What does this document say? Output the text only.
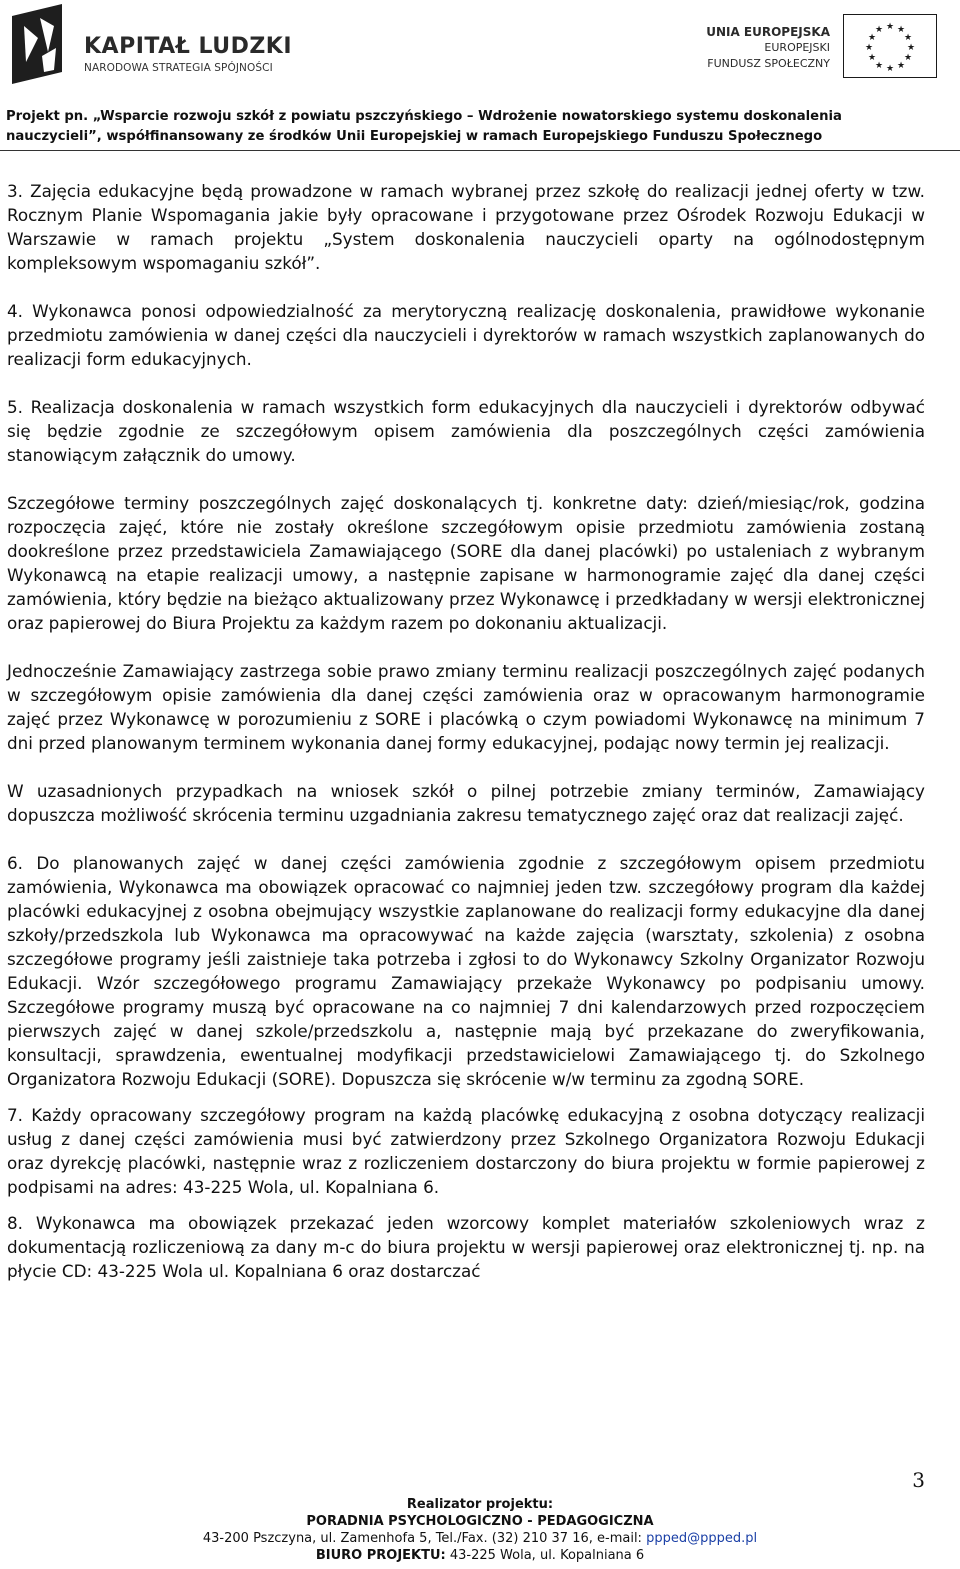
KAPITAŁ LUDZKI
NARODOWA STRATEGIA SPÓJNOŚCI
UNIA EUROPEJSKA
EUROPEJSKI
FUNDUSZ SPOŁECZNY
★ ★
★
★
★
★
★
★
★
★
★
★

Projekt pn. „Wsparcie rozwoju szkół z powiatu pszczyńskiego – Wdrożenie nowatorskiego systemu doskonalenia

nauczycieli”, współfinansowany ze środków Unii Europejskiej w ramach Europejskiego Funduszu Społecznego

3. Zajęcia edukacyjne będą prowadzone w ramach wybranej przez szkołę do realizacji jednej oferty w tzw. Rocznym Planie Wspomagania jakie były opracowane i przygotowane przez Ośrodek Rozwoju Edukacji w Warszawie w ramach projektu „System doskonalenia nauczycieli oparty na ogólnodostępnym kompleksowym wspomaganiu szkół”.

4. Wykonawca ponosi odpowiedzialność za merytoryczną realizację doskonalenia, prawidłowe wykonanie przedmiotu zamówienia w danej części dla nauczycieli i dyrektorów w ramach wszystkich zaplanowanych do realizacji form edukacyjnych.

5. Realizacja doskonalenia w ramach wszystkich form edukacyjnych dla nauczycieli i dyrektorów odbywać się będzie zgodnie ze szczegółowym opisem zamówienia dla poszczególnych części zamówienia stanowiącym załącznik do umowy.

Szczegółowe terminy poszczególnych zajęć doskonalących tj. konkretne daty: dzień/miesiąc/rok, godzina rozpoczęcia zajęć, które nie zostały określone szczegółowym opisie przedmiotu zamówienia zostaną dookreślone przez przedstawiciela Zamawiającego (SORE dla danej placówki) po ustaleniach z wybranym Wykonawcą na etapie realizacji umowy, a następnie zapisane w harmonogramie zajęć dla danej części zamówienia, który będzie na bieżąco aktualizowany przez Wykonawcę i przedkładany w wersji elektronicznej oraz papierowej do Biura Projektu za każdym razem po dokonaniu aktualizacji.

Jednocześnie Zamawiający zastrzega sobie prawo zmiany terminu realizacji poszczególnych zajęć podanych w szczegółowym opisie zamówienia dla danej części zamówienia oraz w opracowanym harmonogramie zajęć przez Wykonawcę w porozumieniu z SORE i placówką o czym powiadomi Wykonawcę na minimum 7 dni przed planowanym terminem wykonania danej formy edukacyjnej, podając nowy termin jej realizacji.

W uzasadnionych przypadkach na wniosek szkół o pilnej potrzebie zmiany terminów, Zamawiający dopuszcza możliwość skrócenia terminu uzgadniania zakresu tematycznego zajęć oraz dat realizacji zajęć.

6. Do planowanych zajęć w danej części zamówienia zgodnie z szczegółowym opisem przedmiotu zamówienia, Wykonawca ma obowiązek opracować co najmniej jeden tzw. szczegółowy program dla każdej placówki edukacyjnej z osobna obejmujący wszystkie zaplanowane do realizacji formy edukacyjne dla danej szkoły/przedszkola lub Wykonawca ma opracowywać na każde zajęcia (warsztaty, szkolenia) z osobna szczegółowe programy jeśli zaistnieje taka potrzeba i zgłosi to do Wykonawcy Szkolny Organizator Rozwoju Edukacji. Wzór szczegółowego programu Zamawiający przekaże Wykonawcy po podpisaniu umowy. Szczegółowe programy muszą być opracowane na co najmniej 7 dni kalendarzowych przed rozpoczęciem pierwszych zajęć w danej szkole/przedszkolu a, następnie mają być przekazane do zweryfikowania, konsultacji, sprawdzenia, ewentualnej modyfikacji przedstawicielowi Zamawiającego tj. do Szkolnego Organizatora Rozwoju Edukacji (SORE). Dopuszcza się skrócenie w/w terminu za zgodną SORE.

7. Każdy opracowany szczegółowy program na każdą placówkę edukacyjną z osobna dotyczący realizacji usług z danej części zamówienia musi być zatwierdzony przez Szkolnego Organizatora Rozwoju Edukacji oraz dyrekcję placówki, następnie wraz z rozliczeniem dostarczony do biura projektu w formie papierowej z podpisami na adres: 43-225 Wola, ul. Kopalniana 6.

8. Wykonawca ma obowiązek przekazać jeden wzorcowy komplet materiałów szkoleniowych wraz z dokumentacją rozliczeniową za dany m-c do biura projektu w wersji papierowej oraz elektronicznej tj. np. na płycie CD: 43-225 Wola ul. Kopalniana 6 oraz dostarczać

3
Realizator projektu:
PORADNIA PSYCHOLOGICZNO - PEDAGOGICZNA
43-200 Pszczyna, ul. Zamenhofa 5, Tel./Fax. (32) 210 37 16, e-mail: ppped@ppped.pl
BIURO PROJEKTU: 43-225 Wola, ul. Kopalniana 6
